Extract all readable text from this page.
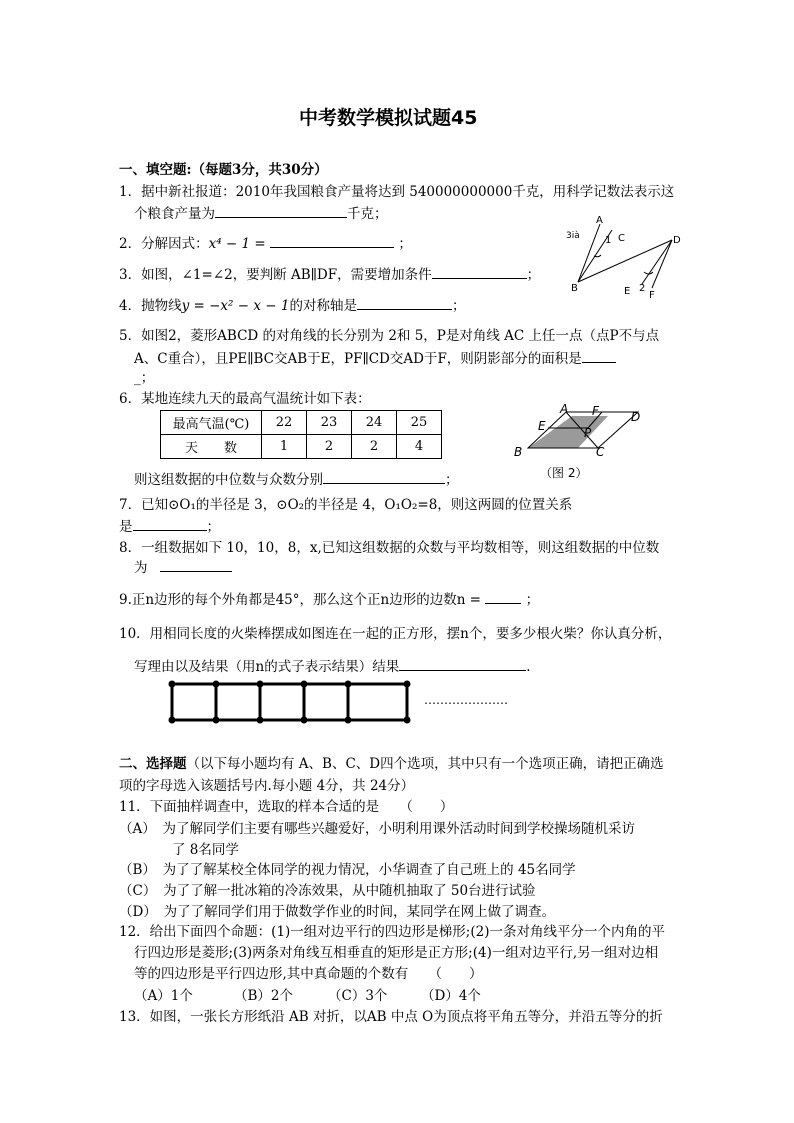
中考数学模拟试题45
一、填空题:（每题3分，共30分）
1．据中新社报道：2010年我国粮食产量将达到 540000000000千克，用科学记数法表示这
个粮食产量为	千克；
2．分解因式：x⁴ − 1 =	；
3．如图，∠1=∠2，要判断 AB∥DF，需要增加条件	；
4．抛物线y = −x² − x − 1的对称轴是	；
A
1 C
3ià
B
D
E 2
F
5．如图2，菱形ABCD 的对角线的长分别为 2和 5，P是对角线 AC 上任一点（点P不与点
A、C重合），且PE∥BC交AB于E，PF∥CD交AD于F，则阴影部分的面积是
_；
6．某地连续九天的最高气温统计如下表：
最高气温(℃)	22	23	24	25
天　　数	1	2	2	4
A F	D
E	P
B	C
（图 2）
则这组数据的中位数与众数分别	；
7．已知⊙O₁的半径是 3，⊙O₂的半径是 4，O₁O₂=8，则这两圆的位置关系
是	；
8．一组数据如下 10，10，8，x,已知这组数据的众数与平均数相等，则这组数据的中位数
为
9.正n边形的每个外角都是45°，那么这个正n边形的边数n =	；
10．用相同长度的火柴棒摆成如图连在一起的正方形，摆n个，要多少根火柴？你认真分析，
写理由以及结果（用n的式子表示结果）结果	.
…………………
二、选择题（以下每小题均有 A、B、C、D四个选项，其中只有一个选项正确，请把正确选
项的字母选入该题括号内.每小题 4分，共 24分）
11．下面抽样调查中，选取的样本合适的是　　（　　）
（A）　为了解同学们主要有哪些兴趣爱好，小明利用课外活动时间到学校操场随机采访
了 8名同学
（B）　为了了解某校全体同学的视力情况，小华调查了自己班上的 45名同学
（C）　为了了解一批冰箱的冷冻效果，从中随机抽取了 50台进行试验
（D）　为了了解同学们用于做数学作业的时间，某同学在网上做了调查。
12．给出下面四个命题：(1)一组对边平行的四边形是梯形;(2)一条对角线平分一个内角的平
行四边形是菱形;(3)两条对角线互相垂直的矩形是正方形;(4)一组对边平行,另一组对边相
等的四边形是平行四边形,其中真命题的个数有　　（　　）
（A）1个	（B）2个	（C）3个 （D）4个
13．如图，一张长方形纸沿 AB 对折，以AB 中点 O为顶点将平角五等分，并沿五等分的折
